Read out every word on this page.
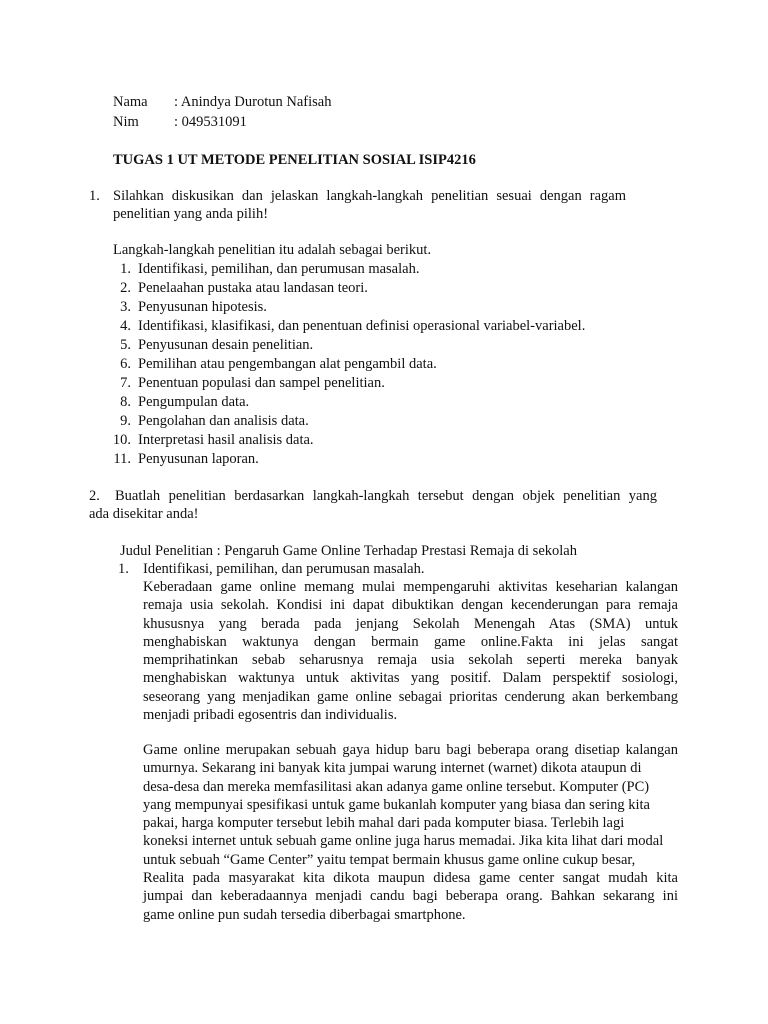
Nama : Anindya Durotun Nafisah
Nim : 049531091
TUGAS 1 UT METODE PENELITIAN SOSIAL ISIP4216
1. Silahkan diskusikan dan jelaskan langkah-langkah penelitian sesuai dengan ragam
penelitian yang anda pilih!
Langkah-langkah penelitian itu adalah sebagai berikut.
1. Identifikasi, pemilihan, dan perumusan masalah.
2. Penelaahan pustaka atau landasan teori.
3. Penyusunan hipotesis.
4. Identifikasi, klasifikasi, dan penentuan definisi operasional variabel-variabel.
5. Penyusunan desain penelitian.
6. Pemilihan atau pengembangan alat pengambil data.
7. Penentuan populasi dan sampel penelitian.
8. Pengumpulan data.
9. Pengolahan dan analisis data.
10. Interpretasi hasil analisis data.
11. Penyusunan laporan.
2.	Buatlah penelitian berdasarkan langkah-langkah tersebut dengan objek penelitian yang
ada disekitar anda!
Judul Penelitian : Pengaruh Game Online Terhadap Prestasi Remaja di sekolah
1. Identifikasi, pemilihan, dan perumusan masalah.
Keberadaan game online memang mulai mempengaruhi aktivitas keseharian kalangan
remaja usia sekolah. Kondisi ini dapat dibuktikan dengan kecenderungan para remaja
khususnya yang berada pada jenjang Sekolah Menengah Atas (SMA) untuk
menghabiskan waktunya dengan bermain game online.Fakta ini jelas sangat
memprihatinkan sebab seharusnya remaja usia sekolah seperti mereka banyak
menghabiskan waktunya untuk aktivitas yang positif. Dalam perspektif sosiologi,
seseorang yang menjadikan game online sebagai prioritas cenderung akan berkembang
menjadi pribadi egosentris dan individualis.
Game online merupakan sebuah gaya hidup baru bagi beberapa orang disetiap kalangan
umurnya. Sekarang ini banyak kita jumpai warung internet (warnet) dikota ataupun di
desa-desa dan mereka memfasilitasi akan adanya game online tersebut. Komputer (PC)
yang mempunyai spesifikasi untuk game bukanlah komputer yang biasa dan sering kita
pakai, harga komputer tersebut lebih mahal dari pada komputer biasa. Terlebih lagi
koneksi internet untuk sebuah game online juga harus memadai. Jika kita lihat dari modal
untuk sebuah “Game Center” yaitu tempat bermain khusus game online cukup besar,
Realita pada masyarakat kita dikota maupun didesa game center sangat mudah kita
jumpai dan keberadaannya menjadi candu bagi beberapa orang. Bahkan sekarang ini
game online pun sudah tersedia diberbagai smartphone.
